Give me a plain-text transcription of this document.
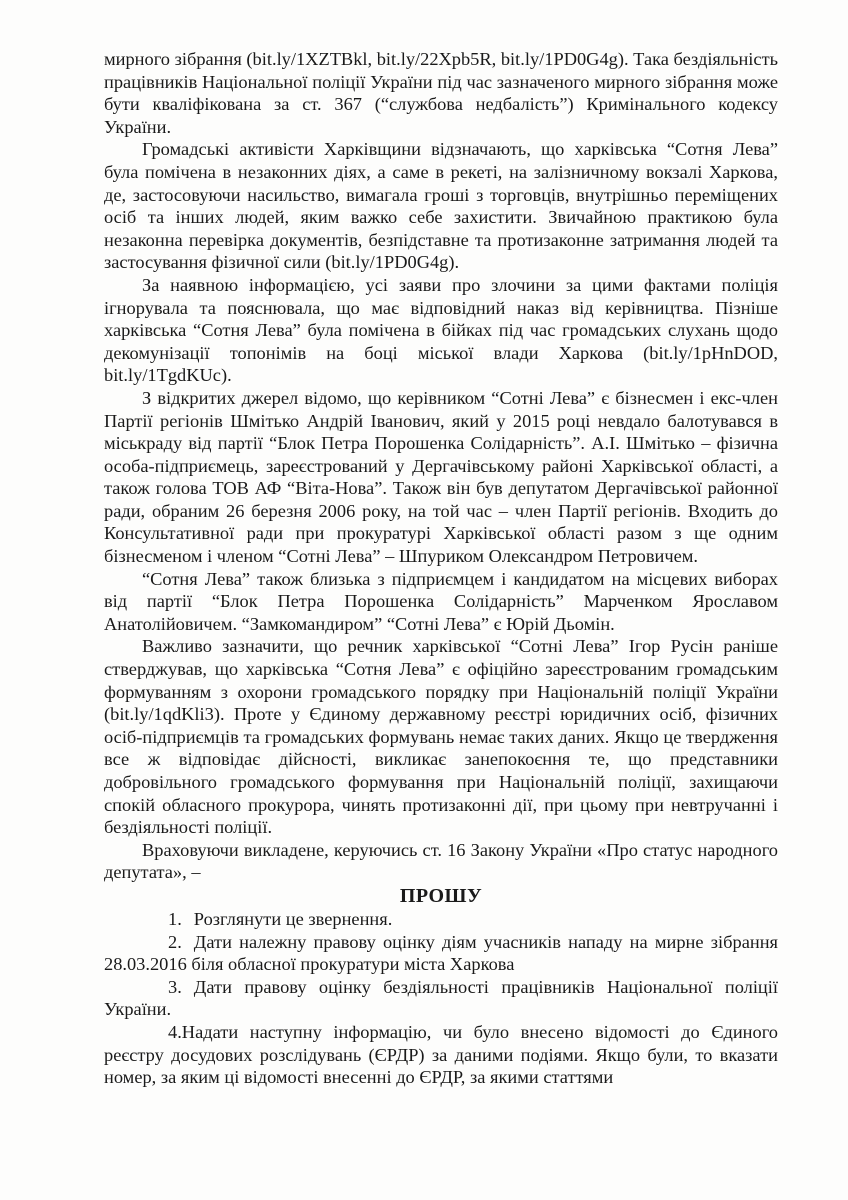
мирного зібрання (bit.ly/1XZTBkl, bit.ly/22Xpb5R, bit.ly/1PD0G4g). Така бездіяльність працівників Національної поліції України під час зазначеного мирного зібрання може бути кваліфікована за ст. 367 (“службова недбалість”) Кримінального кодексу України.

Громадські активісти Харківщини відзначають, що харківська “Сотня Лева” була помічена в незаконних діях, а саме в рекеті, на залізничному вокзалі Харкова, де, застосовуючи насильство, вимагала гроші з торговців, внутрішньо переміщених осіб та інших людей, яким важко себе захистити. Звичайною практикою була незаконна перевірка документів, безпідставне та протизаконне затримання людей та застосування фізичної сили (bit.ly/1PD0G4g).

За наявною інформацією, усі заяви про злочини за цими фактами поліція ігнорувала та пояснювала, що має відповідний наказ від керівництва. Пізніше харківська “Сотня Лева” була помічена в бійках під час громадських слухань щодо декомунізації топонімів на боці міської влади Харкова (bit.ly/1pHnDOD, bit.ly/1TgdKUc).

З відкритих джерел відомо, що керівником “Сотні Лева” є бізнесмен і екс-член Партії регіонів Шмітько Андрій Іванович, який у 2015 році невдало балотувався в міськраду від партії “Блок Петра Порошенка Солідарність”. А.І. Шмітько – фізична особа-підприємець, зареєстрований у Дергачівському районі Харківської області, а також голова ТОВ АФ “Віта-Нова”. Також він був депутатом Дергачівської районної ради, обраним 26 березня 2006 року, на той час – член Партії регіонів. Входить до Консультативної ради при прокуратурі Харківської області разом з ще одним бізнесменом і членом “Сотні Лева” – Шпуриком Олександром Петровичем.

“Сотня Лева” також близька з підприємцем і кандидатом на місцевих виборах від партії “Блок Петра Порошенка Солідарність” Марченком Ярославом Анатолійовичем. “Замкомандиром” “Сотні Лева” є Юрій Дьомін.

Важливо зазначити, що речник харківської “Сотні Лева” Ігор Русін раніше стверджував, що харківська “Сотня Лева” є офіційно зареєстрованим громадським формуванням з охорони громадського порядку при Національній поліції України (bit.ly/1qdKli3). Проте у Єдиному державному реєстрі юридичних осіб, фізичних осіб-підприємців та громадських формувань немає таких даних. Якщо це твердження все ж відповідає дійсності, викликає занепокоєння те, що представники добровільного громадського формування при Національній поліції, захищаючи спокій обласного прокурора, чинять протизаконні дії, при цьому при невтручанні і бездіяльності поліції.

Враховуючи викладене, керуючись ст. 16 Закону України «Про статус народного депутата», –

ПРОШУ

1. Розглянути це звернення.

2. Дати належну правову оцінку діям учасників нападу на мирне зібрання 28.03.2016 біля обласної прокуратури міста Харкова

3. Дати правову оцінку бездіяльності працівників Національної поліції України.

4.Надати наступну інформацію, чи було внесено відомості до Єдиного реєстру досудових розслідувань (ЄРДР) за даними подіями. Якщо були, то вказати номер, за яким ці відомості внесенні до ЄРДР, за якими статтями
